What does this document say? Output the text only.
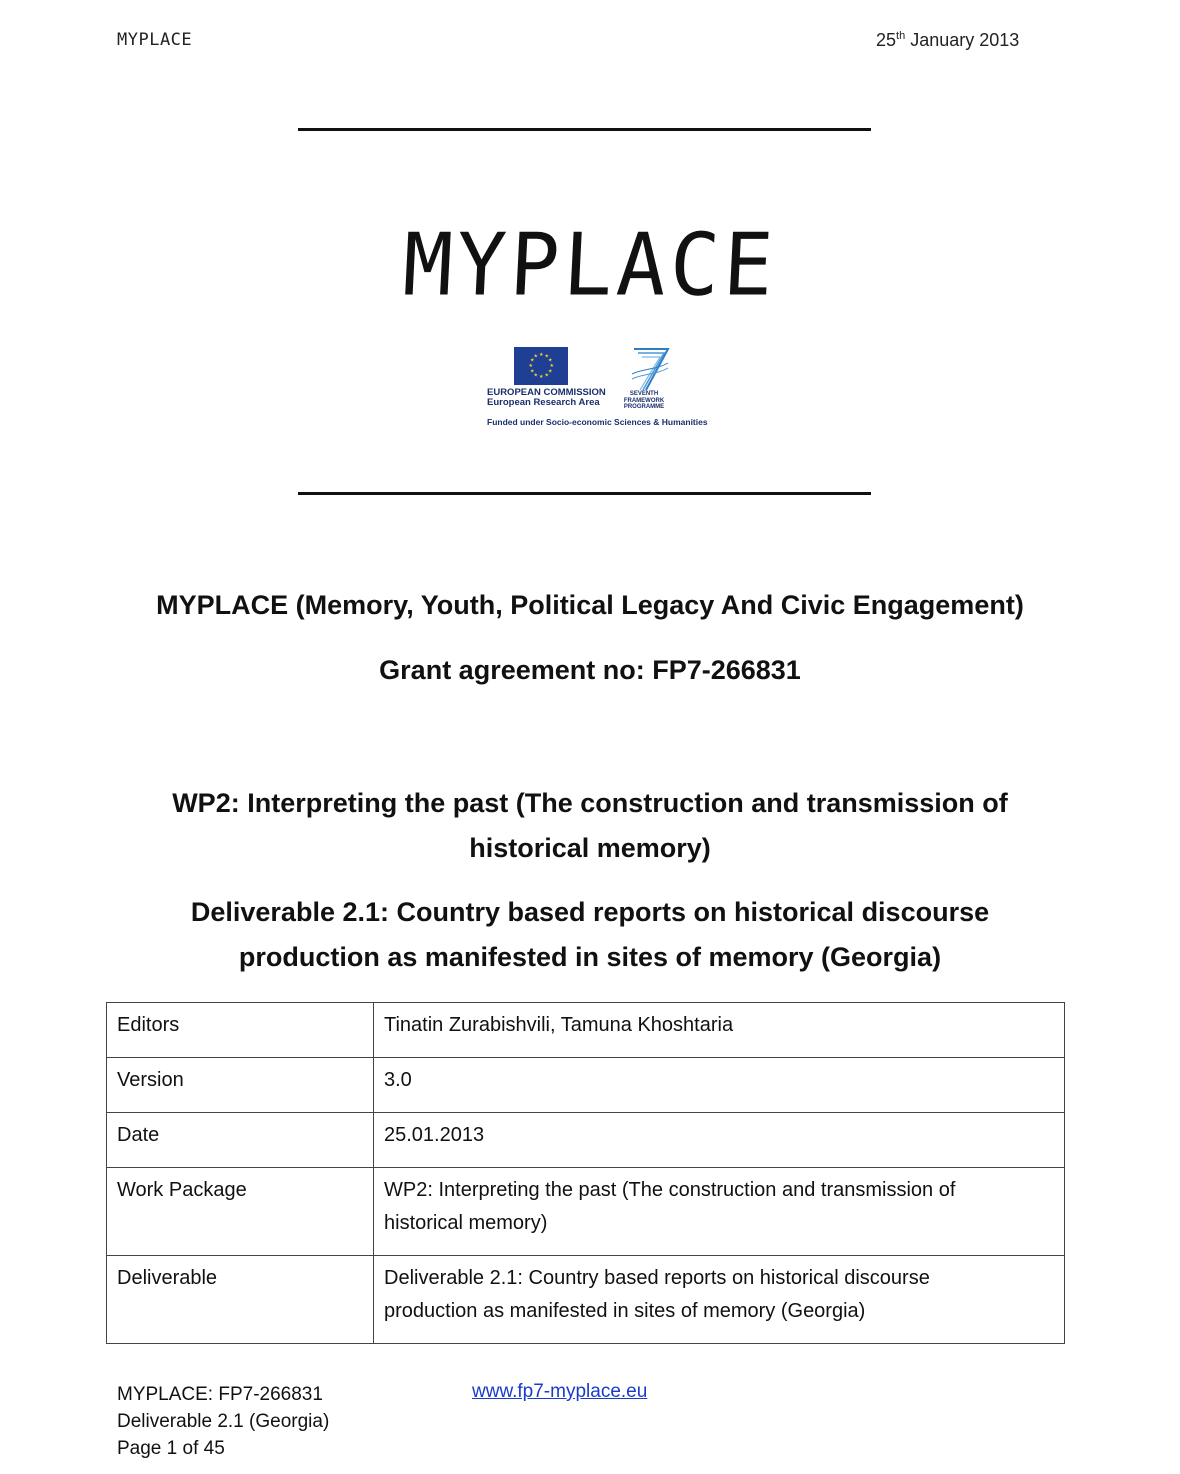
MYPLACE	25th January 2013
MYPLACE
★ ★
★
★
★
★
★
★
★
★
★
★
EUROPEAN COMMISSION
European Research Area
SEVENTH FRAMEWORK
PROGRAMME
Funded under Socio-economic Sciences & Humanities
MYPLACE (Memory, Youth, Political Legacy And Civic Engagement)
Grant agreement no: FP7-266831
WP2: Interpreting the past (The construction and transmission of
historical memory)
Deliverable 2.1: Country based reports on historical discourse
production as manifested in sites of memory (Georgia)
Editors	Tinatin Zurabishvili, Tamuna Khoshtaria
Version	3.0
Date	25.01.2013
Work Package	WP2: Interpreting the past (The construction and transmission of
historical memory)

Deliverable	Deliverable 2.1: Country based reports on historical discourse
production as manifested in sites of memory (Georgia)
MYPLACE: FP7-266831
Deliverable 2.1 (Georgia)
Page 1 of 45
www.fp7-myplace.eu
